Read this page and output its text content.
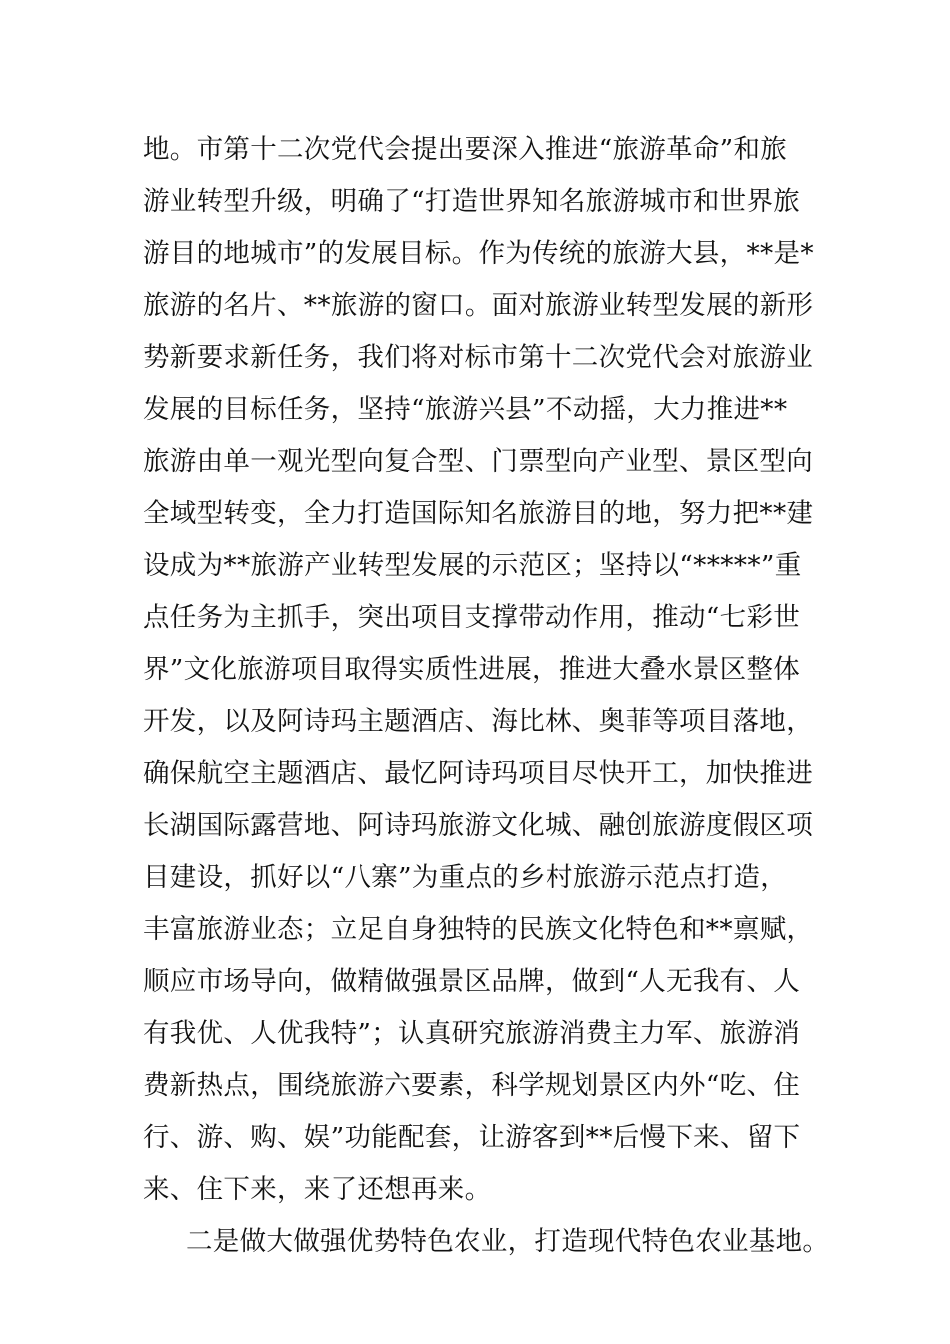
地。市第十二次党代会提出要深入推进“旅游革命”和旅
游业转型升级，明确了“打造世界知名旅游城市和世界旅
游目的地城市”的发展目标。作为传统的旅游大县，**是*
旅游的名片、**旅游的窗口。面对旅游业转型发展的新形
势新要求新任务，我们将对标市第十二次党代会对旅游业
发展的目标任务，坚持“旅游兴县”不动摇，大力推进**
旅游由单一观光型向复合型、门票型向产业型、景区型向
全域型转变，全力打造国际知名旅游目的地，努力把**建
设成为**旅游产业转型发展的示范区；坚持以“*****”重
点任务为主抓手，突出项目支撑带动作用，推动“七彩世
界”文化旅游项目取得实质性进展，推进大叠水景区整体
开发，以及阿诗玛主题酒店、海比林、奥菲等项目落地，
确保航空主题酒店、最忆阿诗玛项目尽快开工，加快推进
长湖国际露营地、阿诗玛旅游文化城、融创旅游度假区项
目建设，抓好以“八寨”为重点的乡村旅游示范点打造，
丰富旅游业态；立足自身独特的民族文化特色和**禀赋，
顺应市场导向，做精做强景区品牌，做到“人无我有、人
有我优、人优我特”；认真研究旅游消费主力军、旅游消
费新热点，围绕旅游六要素，科学规划景区内外“吃、住
行、游、购、娱”功能配套，让游客到**后慢下来、留下
来、住下来，来了还想再来。
二是做大做强优势特色农业，打造现代特色农业基地。
